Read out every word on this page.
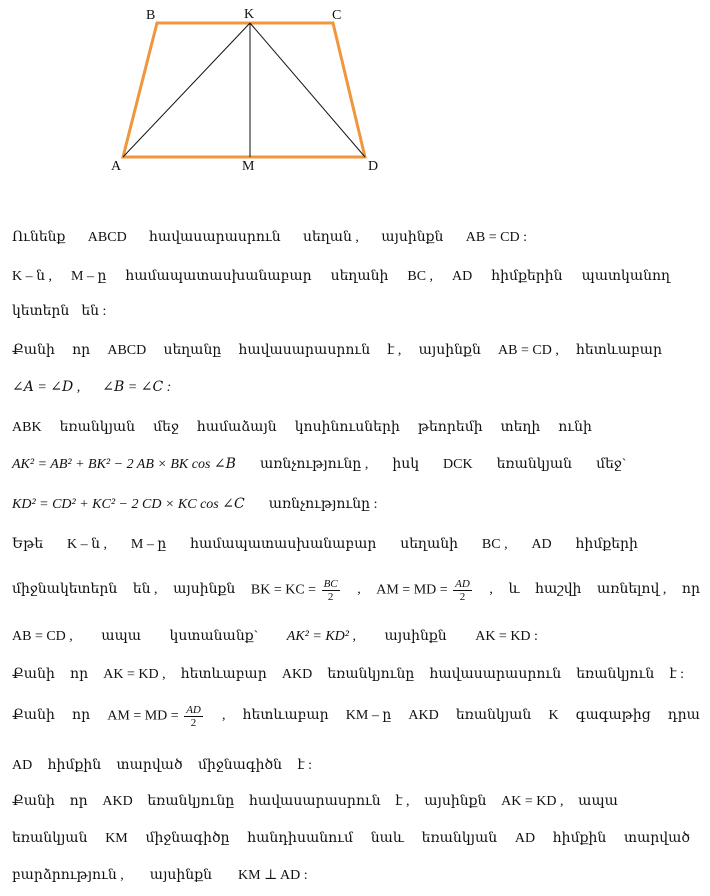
B	K	C
A	M	D
Ունենք ABCD հավասարասրուն սեղան , այսինքն AB = CD :
K – ն , M – ը համապատասխանաբար սեղանի BC , AD հիմքերին պատկանող
կետերն են :
Քանի որ ABCD սեղանը հավասարասրուն է , այսինքն AB = CD , հետևաբար
∠𝐴 = ∠𝐷 , ∠𝐵 = ∠𝐶 :
ABK եռանկյան մեջ համաձայն կոսինուսների թեորեմի տեղի ունի
AK² = AB² + BK² − 2 AB × BK cos ∠𝐵 առնչությունը , իսկ DCK եռանկյան մեջ`
KD² = CD² + KC² − 2 CD × KC cos ∠𝐶 առնչությունը :
Եթե K – ն , M – ը համապատասխանաբար սեղանի BC , AD հիմքերի
միջնակետերն են , այսինքն BK = KC = $\frac{BC}{2}$ , AM = MD = $\frac{AD}{2}$ , և հաշվի առնելով , որ
AB = CD , ապա կստանանք` AK² = KD² , այսինքն AK = KD :
Քանի որ AK = KD , հետևաբար AKD եռանկյունը հավասարասրուն եռանկյուն է :
Քանի որ AM = MD = $\frac{AD}{2}$ , հետևաբար KM – ը AKD եռանկյան K գագաթից դրա
AD հիմքին տարված միջնագիծն է :
Քանի որ AKD եռանկյունը հավասարասրուն է , այսինքն AK = KD , ապա
եռանկյան KM միջնագիծը հանդիսանում նաև եռանկյան AD հիմքին տարված
բարձրություն , այսինքն KM ⊥ AD :
